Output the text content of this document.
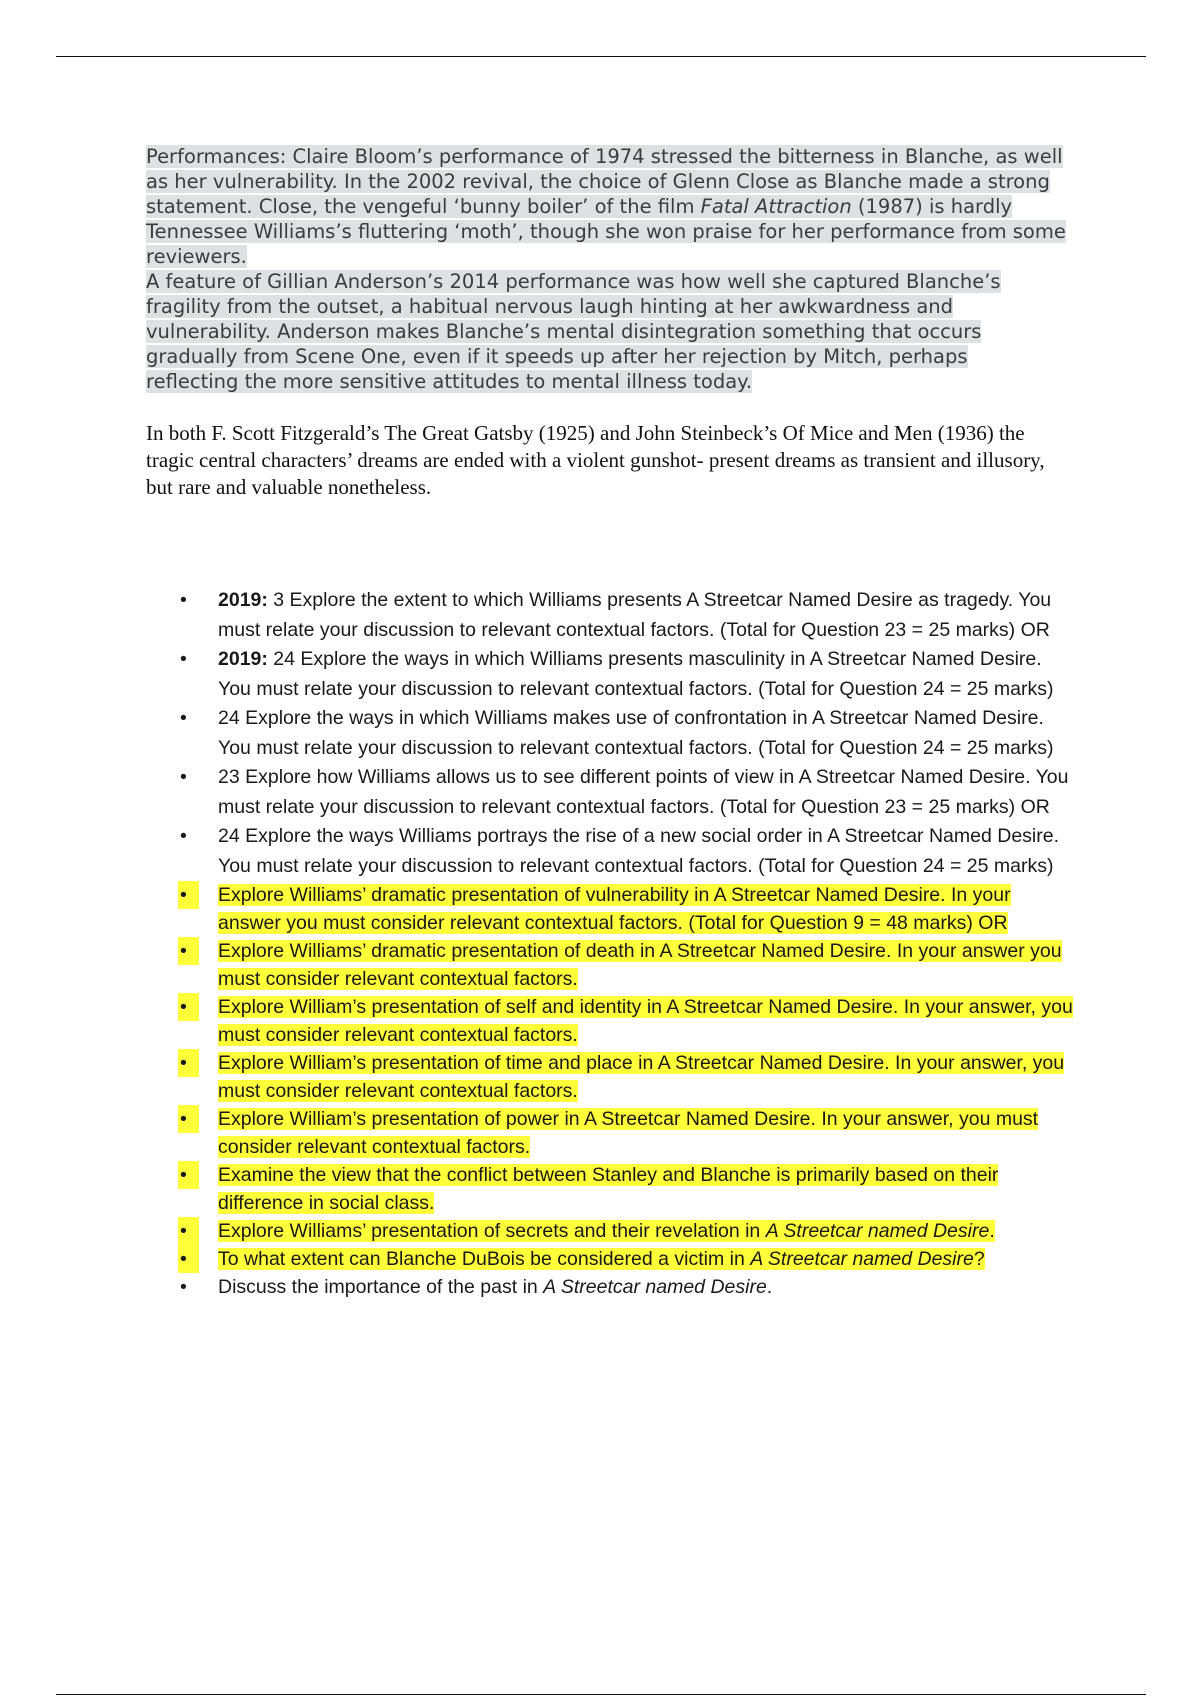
Performances: Claire Bloom’s performance of 1974 stressed the bitterness in Blanche, as well as her vulnerability. In the 2002 revival, the choice of Glenn Close as Blanche made a strong statement. Close, the vengeful ‘bunny boiler’ of the film Fatal Attraction (1987) is hardly Tennessee Williams’s fluttering ‘moth’, though she won praise for her performance from some reviewers.

A feature of Gillian Anderson’s 2014 performance was how well she captured Blanche’s fragility from the outset, a habitual nervous laugh hinting at her awkwardness and vulnerability. Anderson makes Blanche’s mental disintegration something that occurs gradually from Scene One, even if it speeds up after her rejection by Mitch, perhaps reflecting the more sensitive attitudes to mental illness today.

In both F. Scott Fitzgerald’s The Great Gatsby (1925) and John Steinbeck’s Of Mice and Men (1936) the tragic central characters’ dreams are ended with a violent gunshot- present dreams as transient and illusory, but rare and valuable nonetheless.

•	2019: 3 Explore the extent to which Williams presents A Streetcar Named Desire as tragedy. You must relate your discussion to relevant contextual factors. (Total for Question 23 = 25 marks) OR
•	2019: 24 Explore the ways in which Williams presents masculinity in A Streetcar Named Desire. You must relate your discussion to relevant contextual factors. (Total for Question 24 = 25 marks)
•	24 Explore the ways in which Williams makes use of confrontation in A Streetcar Named Desire. You must relate your discussion to relevant contextual factors. (Total for Question 24 = 25 marks)
•	23 Explore how Williams allows us to see different points of view in A Streetcar Named Desire. You must relate your discussion to relevant contextual factors. (Total for Question 23 = 25 marks) OR
•	24 Explore the ways Williams portrays the rise of a new social order in A Streetcar Named Desire. You must relate your discussion to relevant contextual factors. (Total for Question 24 = 25 marks)
•	Explore Williams’ dramatic presentation of vulnerability in A Streetcar Named Desire. In your answer you must consider relevant contextual factors. (Total for Question 9 = 48 marks) OR
•	Explore Williams’ dramatic presentation of death in A Streetcar Named Desire. In your answer you must consider relevant contextual factors.
•	Explore William’s presentation of self and identity in A Streetcar Named Desire. In your answer, you must consider relevant contextual factors.
•	Explore William’s presentation of time and place in A Streetcar Named Desire. In your answer, you must consider relevant contextual factors.
•	Explore William’s presentation of power in A Streetcar Named Desire. In your answer, you must consider relevant contextual factors.
•	Examine the view that the conflict between Stanley and Blanche is primarily based on their difference in social class.
•	Explore Williams’ presentation of secrets and their revelation in A Streetcar named Desire.
•	To what extent can Blanche DuBois be considered a victim in A Streetcar named Desire?
•	Discuss the importance of the past in A Streetcar named Desire.
